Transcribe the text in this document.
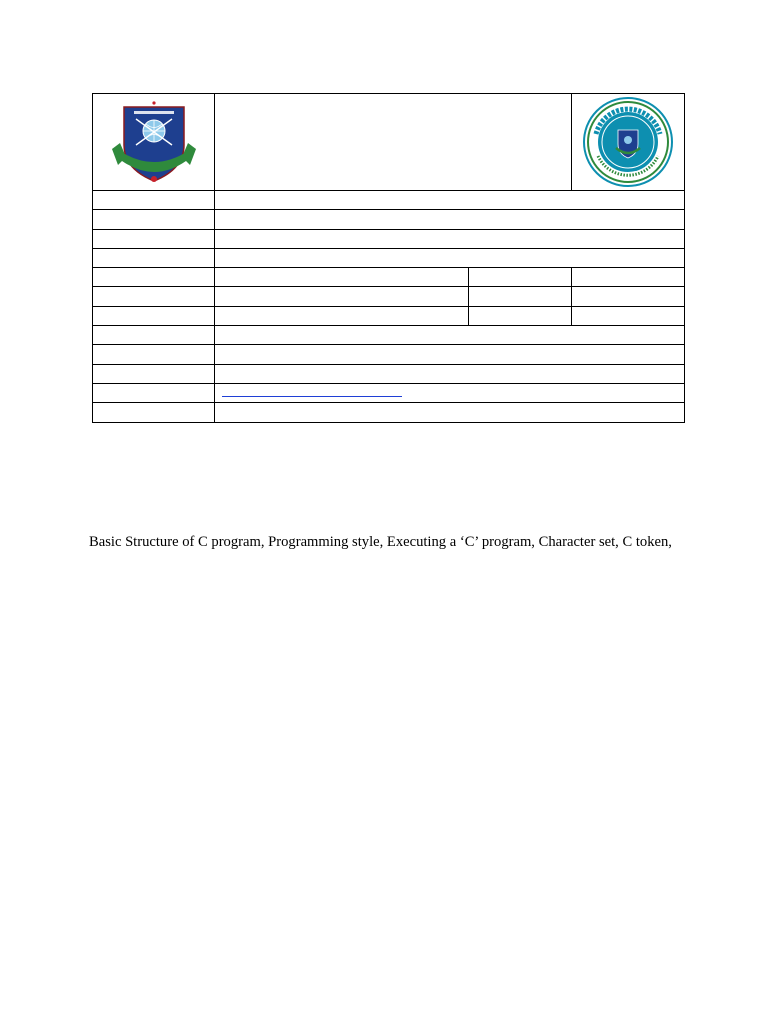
Basic Structure of C program, Programming style, Executing a ‘C’ program, Character set, C token,
